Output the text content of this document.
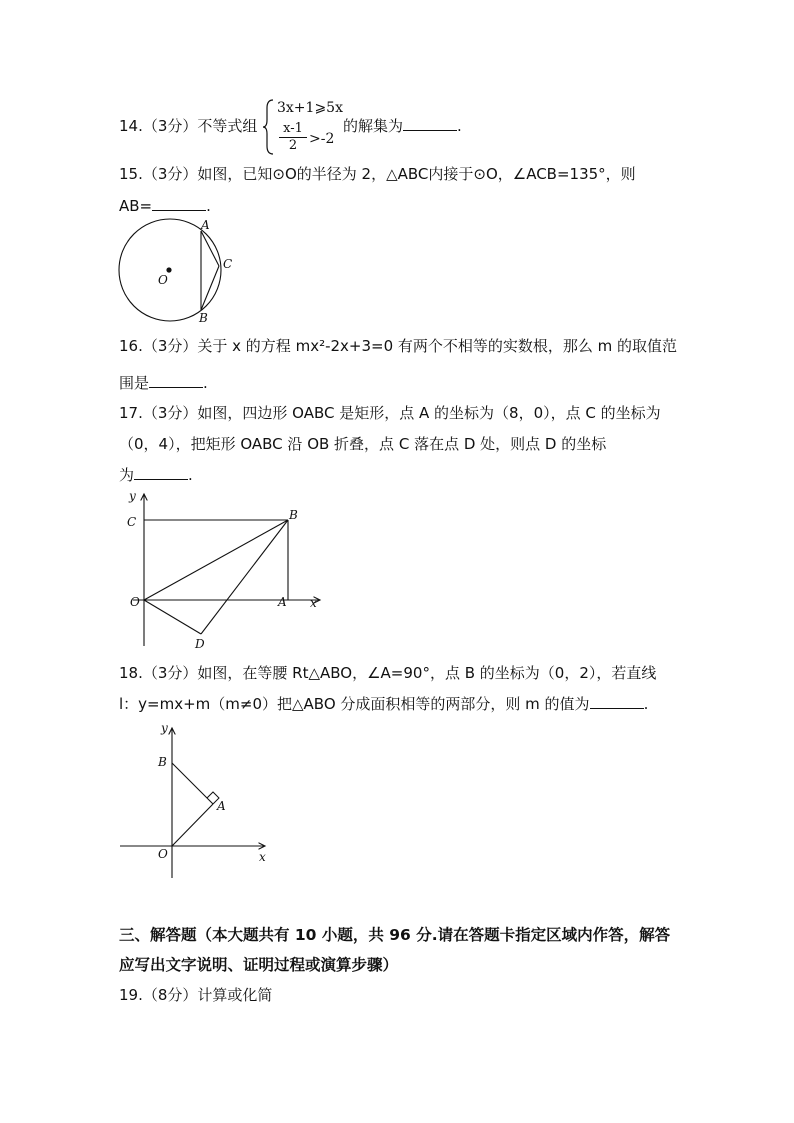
14.（3分）不等式组
3x+1⩾5x
$\frac{x-1}{2} >-2$
的解集为	.
15.（3分）如图，已知⊙O的半径为 2，△ABC内接于⊙O，∠ACB=135°，则
AB=	.
A
C
B
O
16.（3分）关于 x 的方程 mx²-2x+3=0 有两个不相等的实数根，那么 m 的取值范
围是	.
17.（3分）如图，四边形 OABC 是矩形，点 A 的坐标为（8，0），点 C 的坐标为
（0，4），把矩形 OABC 沿 OB 折叠，点 C 落在点 D 处，则点 D 的坐标
为	.
y
C	B
O	A x
D
18.（3分）如图，在等腰 Rt△ABO，∠A=90°，点 B 的坐标为（0，2），若直线
l：y=mx+m（m≠0）把△ABO 分成面积相等的两部分，则 m 的值为	.
y
B
A
O	x
三、解答题（本大题共有 10 小题，共 96 分.请在答题卡指定区域内作答，解答
应写出文字说明、证明过程或演算步骤）
19.（8分）计算或化简
